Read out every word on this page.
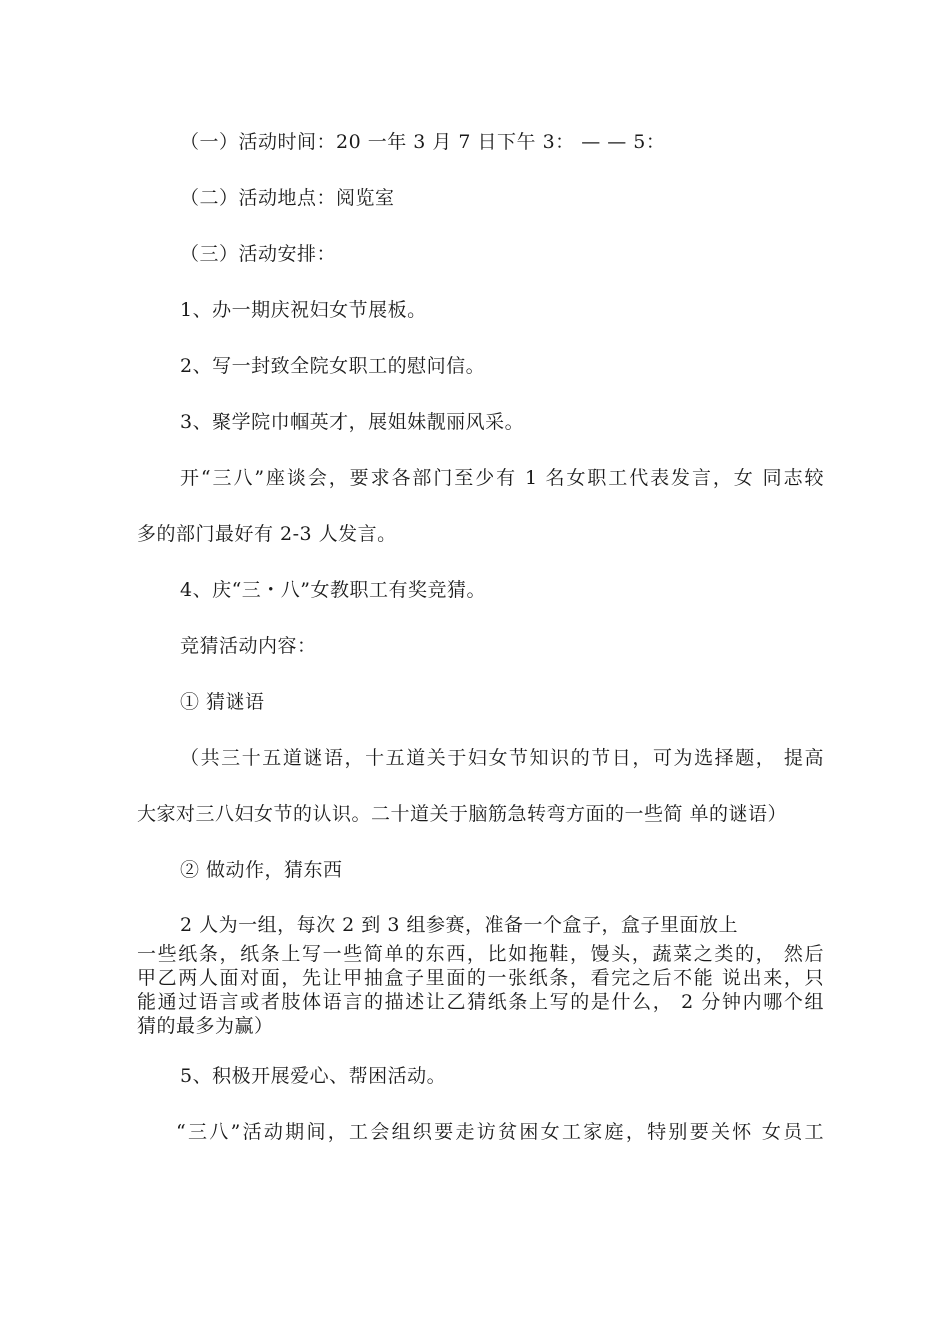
（一）活动时间：20 一年 3 月 7 日下午 3： — — 5：
（二）活动地点：阅览室
（三）活动安排：
1、办一期庆祝妇女节展板。
2、写一封致全院女职工的慰问信。
3、聚学院巾帼英才，展姐妹靓丽风采。
开“三八”座谈会，要求各部门至少有 1 名女职工代表发言，女 同志较
多的部门最好有 2-3 人发言。
4、庆“三・八”女教职工有奖竞猜。
竞猜活动内容：
① 猜谜语
（共三十五道谜语，十五道关于妇女节知识的节日，可为选择题， 提高
大家对三八妇女节的认识。二十道关于脑筋急转弯方面的一些简 单的谜语）
② 做动作，猜东西
2 人为一组，每次 2 到 3 组参赛，准备一个盒子，盒子里面放上
一些纸条，纸条上写一些简单的东西，比如拖鞋，馒头，蔬菜之类的， 然后
甲乙两人面对面，先让甲抽盒子里面的一张纸条，看完之后不能 说出来，只
能通过语言或者肢体语言的描述让乙猜纸条上写的是什么， 2 分钟内哪个组
猜的最多为赢）
5、积极开展爱心、帮困活动。
“三八”活动期间，工会组织要走访贫困女工家庭，特别要关怀 女员工
